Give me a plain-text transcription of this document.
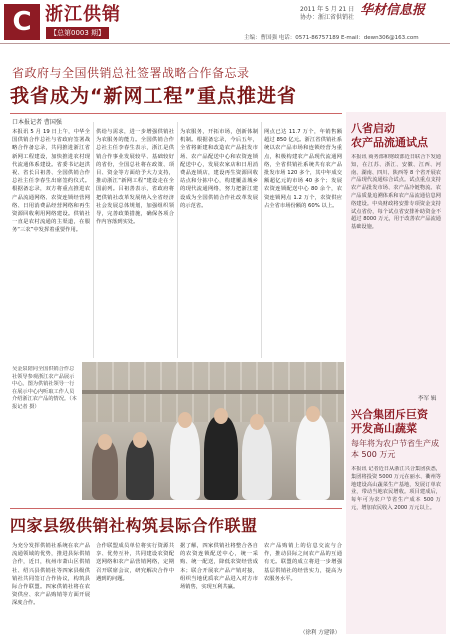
C 浙江供销
【总第0003 期】
2011 年 5 月 21 日
协办：浙江省供销社 华材信息报
主编：曹国强 电话：0571-86757189 E-mail：dewn306@163.com
省政府与全国供销总社签署战略合作备忘录
我省成为“新网工程”重点推进省
口本报记者 曹国强
本报讯 5 月 19 日上午，中华全国供销合作总社与省政府签署战略合作备忘录，共同推进浙江省新网工程建设，加快推进农村现代流通体系建设。省委书记赵洪祝、省长吕祖善、全国供销合作总社主任李春生出席签约仪式。根据备忘录，双方将重点推进农产品流通网络、农资连锁经营网络、日用消费品经营网络和再生资源回收利用网络建设。供销社一直是农村流通的主渠道，在服务“三农”中发挥着重要作用。
供给与需求，进一步增强供销社为农服务的能力。全国供销合作总社主任李春生表示，浙江是供销合作事业发展较早、基础较好的省份，全国总社将在政策、项目、资金等方面给予大力支持，推动浙江“新网工程”建设走在全国前列。吕祖善表示，省政府将把供销社改革发展纳入全省经济社会发展总体规划，加强组织领导，完善政策措施，确保各项合作内容落到实处。
为农服务，开拓市场，创新体制机制。根据备忘录，今后五年，全省将新建和改造农产品批发市场、农产品配送中心和农资连锁配送中心，发展农家店和日用消费品连锁店，建设再生资源回收站点和分拣中心，构建覆盖城乡的现代流通网络，努力把浙江建设成为全国供销合作社改革发展的示范省。
网点已达 11.7 万个，年销售额超过 850 亿元。浙江省供销社系统以农产品市场和连锁经营为重点，积极构建农产品现代流通网络，全省供销社系统共有农产品批发市场 120 多个，其中年成交额超亿元的市场 40 多个；发展农资连锁配送中心 80 余个，农资连锁网点 1.2 万个，农资供应占全省市场份额的 60% 以上。
吴金泉陪同全国供销合作总社领导参观浙江农产品展示中心。图为供销社领导一行在展示中心内听取工作人员介绍浙江农产品的情况。（本报记者 摄）
四家县级供销社构筑县际合作联盟
为充分发挥供销社系统在农产品流通领域的优势，推进县际供销合作，近日，杭州市萧山区供销社、绍兴县供销社等四家县级供销社共同签订合作协议，构筑县际合作联盟。四家供销社将在农资供应、农产品购销等方面开展深度合作。
合作联盟成员单位将实行资源共享、优势互补，共同建设农资配送网络和农产品营销网络，定期召开联席会议，研究解决合作中遇到的问题。
据了解，四家供销社将整合各自的农资连锁配送中心，统一采购、统一配送，降低农资经营成本；联合开展农产品产销对接，组织当地优质农产品进入对方市场销售，实现互利共赢。
农产品购销上的信息交流与合作，推动县际之间农产品的互通有无。联盟的成立将进一步增强基层供销社的经营实力，提高为农服务水平。
（徐利 方建锋）
八省启动
农产品流通试点
本报讯 商务部和财政部近日联合下发通知，在江苏、浙江、安徽、江西、河南、湖南、四川、陕西等 8 个省开展农产品现代流通综合试点。试点重点支持农产品批发市场、农产品冷链物流、农产品质量追溯体系和农产品流通信息网络建设。中央财政将安排专项资金支持试点省份，每个试点省安排补助资金不超过 8000 万元，用于改善农产品流通基础设施。
李军 辑
兴合集团斥巨资
开发高山蔬菜
每年将为农户节省生产成本 500 万元
本报讯 记者近日从浙江兴合集团获悉，集团将投资 5000 万元在丽水、衢州等地建设高山蔬菜生产基地，发展订单农业，带动当地农民增收。项目建成后，每年可为农户节省生产成本 500 万元，增加农民收入 2000 万元以上。
